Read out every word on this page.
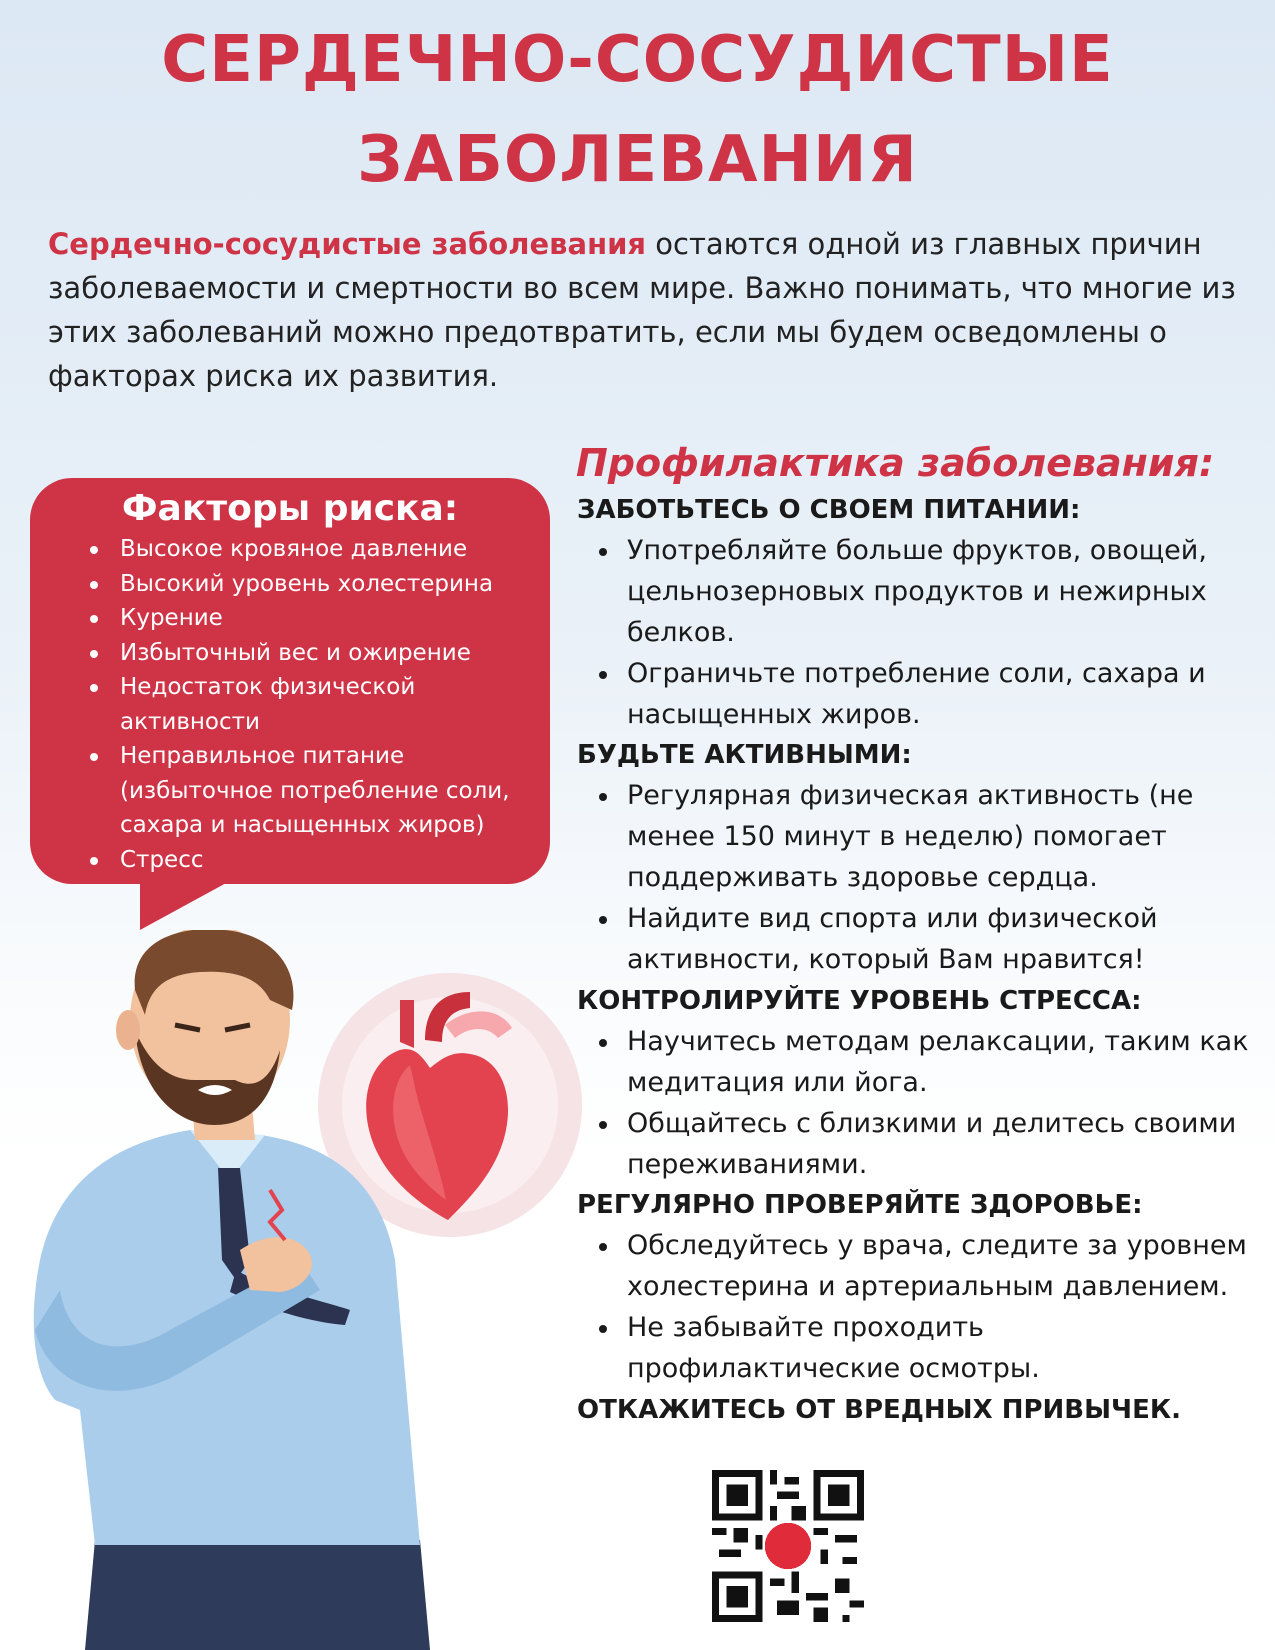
СЕРДЕЧНО-СОСУДИСТЫЕ
ЗАБОЛЕВАНИЯ

Сердечно-сосудистые заболевания остаются одной из главных причин заболеваемости и смертности во всем мире. Важно понимать, что многие из этих заболеваний можно предотвратить, если мы будем осведомлены о факторах риска их развития.

Факторы риска:
Высокое кровяное давление
Высокий уровень холестерина
Курение
Избыточный вес и ожирение
Недостаток физической активности
Неправильное питание (избыточное потребление соли, сахара и насыщенных жиров)
Стресс
Профилактика заболевания:
ЗАБОТЬТЕСЬ О СВОЕМ ПИТАНИИ:
Употребляйте больше фруктов, овощей, цельнозерновых продуктов и нежирных белков.
Ограничьте потребление соли, сахара и насыщенных жиров.
БУДЬТЕ АКТИВНЫМИ:
Регулярная физическая активность (не менее 150 минут в неделю) помогает поддерживать здоровье сердца.
Найдите вид спорта или физической активности, который Вам нравится!
КОНТРОЛИРУЙТЕ УРОВЕНЬ СТРЕССА:
Научитесь методам релаксации, таким как медитация или йога.
Общайтесь с близкими и делитесь своими переживаниями.
РЕГУЛЯРНО ПРОВЕРЯЙТЕ ЗДОРОВЬЕ:
Обследуйтесь у врача, следите за уровнем холестерина и артериальным давлением.
Не забывайте проходить профилактические осмотры.
ОТКАЖИТЕСЬ ОТ ВРЕДНЫХ ПРИВЫЧЕК.
